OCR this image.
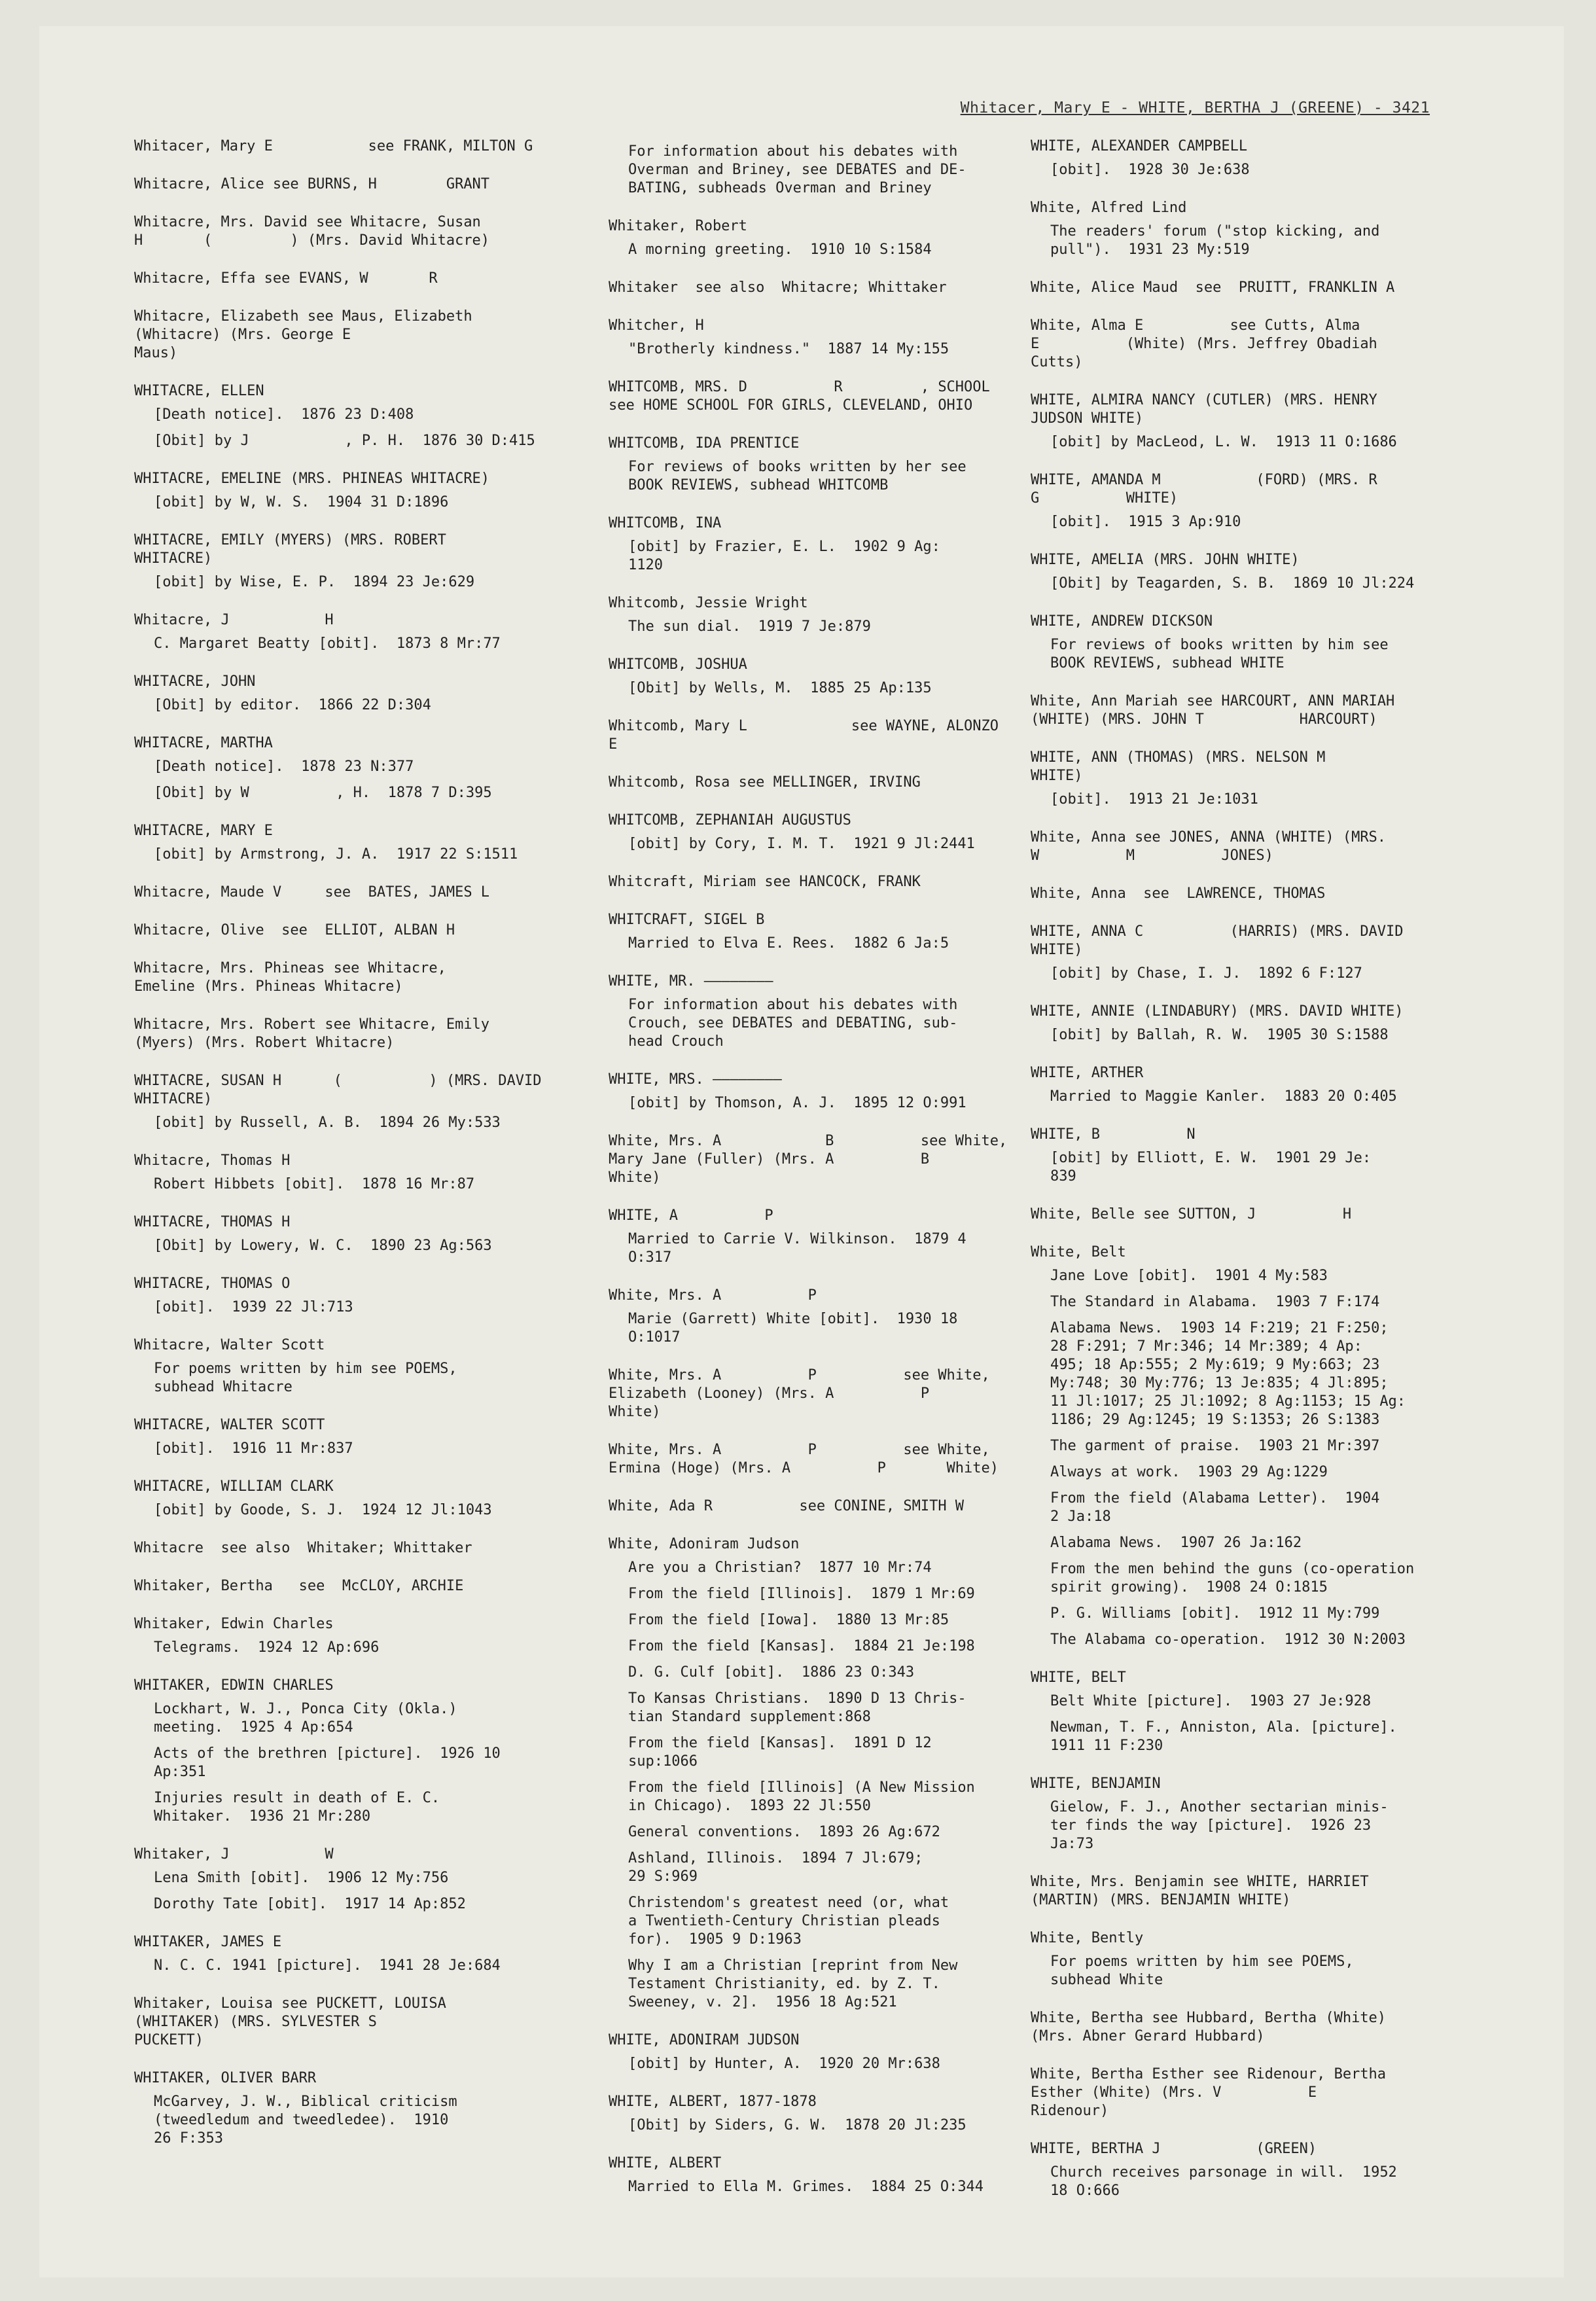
Whitacer, Mary E - WHITE, BERTHA J (GREENE) - 3421
Whitacer, Mary E           see FRANK, MILTON G
Whitacre, Alice see BURNS, H        GRANT
Whitacre, Mrs. David see Whitacre, Susan
H       (         ) (Mrs. David Whitacre)
Whitacre, Effa see EVANS, W       R
Whitacre, Elizabeth see Maus, Elizabeth
(Whitacre) (Mrs. George E
Maus)
WHITACRE, ELLEN
[Death notice].  1876 23 D:408
[Obit] by J           , P. H.  1876 30 D:415
WHITACRE, EMELINE (MRS. PHINEAS WHITACRE)
[obit] by W, W. S.  1904 31 D:1896
WHITACRE, EMILY (MYERS) (MRS. ROBERT
WHITACRE)
[obit] by Wise, E. P.  1894 23 Je:629
Whitacre, J           H
C. Margaret Beatty [obit].  1873 8 Mr:77
WHITACRE, JOHN
[Obit] by editor.  1866 22 D:304
WHITACRE, MARTHA
[Death notice].  1878 23 N:377
[Obit] by W          , H.  1878 7 D:395
WHITACRE, MARY E
[obit] by Armstrong, J. A.  1917 22 S:1511
Whitacre, Maude V     see  BATES, JAMES L
Whitacre, Olive  see  ELLIOT, ALBAN H
Whitacre, Mrs. Phineas see Whitacre,
Emeline (Mrs. Phineas Whitacre)
Whitacre, Mrs. Robert see Whitacre, Emily
(Myers) (Mrs. Robert Whitacre)
WHITACRE, SUSAN H      (          ) (MRS. DAVID
WHITACRE)
[obit] by Russell, A. B.  1894 26 My:533
Whitacre, Thomas H
Robert Hibbets [obit].  1878 16 Mr:87
WHITACRE, THOMAS H
[Obit] by Lowery, W. C.  1890 23 Ag:563
WHITACRE, THOMAS O
[obit].  1939 22 Jl:713
Whitacre, Walter Scott
For poems written by him see POEMS,
subhead Whitacre
WHITACRE, WALTER SCOTT
[obit].  1916 11 Mr:837
WHITACRE, WILLIAM CLARK
[obit] by Goode, S. J.  1924 12 Jl:1043
Whitacre  see also  Whitaker; Whittaker
Whitaker, Bertha   see  McCLOY, ARCHIE
Whitaker, Edwin Charles
Telegrams.  1924 12 Ap:696
WHITAKER, EDWIN CHARLES
Lockhart, W. J., Ponca City (Okla.)
meeting.  1925 4 Ap:654
Acts of the brethren [picture].  1926 10
Ap:351
Injuries result in death of E. C.
Whitaker.  1936 21 Mr:280
Whitaker, J           W
Lena Smith [obit].  1906 12 My:756
Dorothy Tate [obit].  1917 14 Ap:852
WHITAKER, JAMES E
N. C. C. 1941 [picture].  1941 28 Je:684
Whitaker, Louisa see PUCKETT, LOUISA
(WHITAKER) (MRS. SYLVESTER S
PUCKETT)
WHITAKER, OLIVER BARR
McGarvey, J. W., Biblical criticism
(tweedledum and tweedledee).  1910
26 F:353
For information about his debates with
Overman and Briney, see DEBATES and DE-
BATING, subheads Overman and Briney
Whitaker, Robert
A morning greeting.  1910 10 S:1584
Whitaker  see also  Whitacre; Whittaker
Whitcher, H
"Brotherly kindness."  1887 14 My:155
WHITCOMB, MRS. D          R         , SCHOOL
see HOME SCHOOL FOR GIRLS, CLEVELAND, OHIO
WHITCOMB, IDA PRENTICE
For reviews of books written by her see
BOOK REVIEWS, subhead WHITCOMB
WHITCOMB, INA
[obit] by Frazier, E. L.  1902 9 Ag:
1120
Whitcomb, Jessie Wright
The sun dial.  1919 7 Je:879
WHITCOMB, JOSHUA
[Obit] by Wells, M.  1885 25 Ap:135
Whitcomb, Mary L            see WAYNE, ALONZO
E
Whitcomb, Rosa see MELLINGER, IRVING
WHITCOMB, ZEPHANIAH AUGUSTUS
[obit] by Cory, I. M. T.  1921 9 Jl:2441
Whitcraft, Miriam see HANCOCK, FRANK
WHITCRAFT, SIGEL B
Married to Elva E. Rees.  1882 6 Ja:5
WHITE, MR. ————————
For information about his debates with
Crouch, see DEBATES and DEBATING, sub-
head Crouch
WHITE, MRS. ————————
[obit] by Thomson, A. J.  1895 12 O:991
White, Mrs. A            B          see White,
Mary Jane (Fuller) (Mrs. A          B
White)
WHITE, A          P
Married to Carrie V. Wilkinson.  1879 4
O:317
White, Mrs. A          P
Marie (Garrett) White [obit].  1930 18
O:1017
White, Mrs. A          P          see White,
Elizabeth (Looney) (Mrs. A          P
White)
White, Mrs. A          P          see White,
Ermina (Hoge) (Mrs. A          P       White)
White, Ada R          see CONINE, SMITH W
White, Adoniram Judson
Are you a Christian?  1877 10 Mr:74
From the field [Illinois].  1879 1 Mr:69
From the field [Iowa].  1880 13 Mr:85
From the field [Kansas].  1884 21 Je:198
D. G. Culf [obit].  1886 23 O:343
To Kansas Christians.  1890 D 13 Chris-
tian Standard supplement:868
From the field [Kansas].  1891 D 12
sup:1066
From the field [Illinois] (A New Mission
in Chicago).  1893 22 Jl:550
General conventions.  1893 26 Ag:672
Ashland, Illinois.  1894 7 Jl:679;
29 S:969
Christendom's greatest need (or, what
a Twentieth-Century Christian pleads
for).  1905 9 D:1963
Why I am a Christian [reprint from New
Testament Christianity, ed. by Z. T.
Sweeney, v. 2].  1956 18 Ag:521
WHITE, ADONIRAM JUDSON
[obit] by Hunter, A.  1920 20 Mr:638
WHITE, ALBERT, 1877-1878
[Obit] by Siders, G. W.  1878 20 Jl:235
WHITE, ALBERT
Married to Ella M. Grimes.  1884 25 O:344
WHITE, ALEXANDER CAMPBELL
[obit].  1928 30 Je:638
White, Alfred Lind
The readers' forum ("stop kicking, and
pull").  1931 23 My:519
White, Alice Maud  see  PRUITT, FRANKLIN A
White, Alma E          see Cutts, Alma
E          (White) (Mrs. Jeffrey Obadiah
Cutts)
WHITE, ALMIRA NANCY (CUTLER) (MRS. HENRY
JUDSON WHITE)
[obit] by MacLeod, L. W.  1913 11 O:1686
WHITE, AMANDA M           (FORD) (MRS. R
G          WHITE)
[obit].  1915 3 Ap:910
WHITE, AMELIA (MRS. JOHN WHITE)
[Obit] by Teagarden, S. B.  1869 10 Jl:224
WHITE, ANDREW DICKSON
For reviews of books written by him see
BOOK REVIEWS, subhead WHITE
White, Ann Mariah see HARCOURT, ANN MARIAH
(WHITE) (MRS. JOHN T           HARCOURT)
WHITE, ANN (THOMAS) (MRS. NELSON M
WHITE)
[obit].  1913 21 Je:1031
White, Anna see JONES, ANNA (WHITE) (MRS.
W          M          JONES)
White, Anna  see  LAWRENCE, THOMAS
WHITE, ANNA C          (HARRIS) (MRS. DAVID
WHITE)
[obit] by Chase, I. J.  1892 6 F:127
WHITE, ANNIE (LINDABURY) (MRS. DAVID WHITE)
[obit] by Ballah, R. W.  1905 30 S:1588
WHITE, ARTHER
Married to Maggie Kanler.  1883 20 O:405
WHITE, B          N
[obit] by Elliott, E. W.  1901 29 Je:
839
White, Belle see SUTTON, J          H
White, Belt
Jane Love [obit].  1901 4 My:583
The Standard in Alabama.  1903 7 F:174
Alabama News.  1903 14 F:219; 21 F:250;
28 F:291; 7 Mr:346; 14 Mr:389; 4 Ap:
495; 18 Ap:555; 2 My:619; 9 My:663; 23
My:748; 30 My:776; 13 Je:835; 4 Jl:895;
11 Jl:1017; 25 Jl:1092; 8 Ag:1153; 15 Ag:
1186; 29 Ag:1245; 19 S:1353; 26 S:1383
The garment of praise.  1903 21 Mr:397
Always at work.  1903 29 Ag:1229
From the field (Alabama Letter).  1904
2 Ja:18
Alabama News.  1907 26 Ja:162
From the men behind the guns (co-operation
spirit growing).  1908 24 O:1815
P. G. Williams [obit].  1912 11 My:799
The Alabama co-operation.  1912 30 N:2003
WHITE, BELT
Belt White [picture].  1903 27 Je:928
Newman, T. F., Anniston, Ala. [picture].
1911 11 F:230
WHITE, BENJAMIN
Gielow, F. J., Another sectarian minis-
ter finds the way [picture].  1926 23
Ja:73
White, Mrs. Benjamin see WHITE, HARRIET
(MARTIN) (MRS. BENJAMIN WHITE)
White, Bently
For poems written by him see POEMS,
subhead White
White, Bertha see Hubbard, Bertha (White)
(Mrs. Abner Gerard Hubbard)
White, Bertha Esther see Ridenour, Bertha
Esther (White) (Mrs. V          E
Ridenour)
WHITE, BERTHA J           (GREEN)
Church receives parsonage in will.  1952
18 O:666
